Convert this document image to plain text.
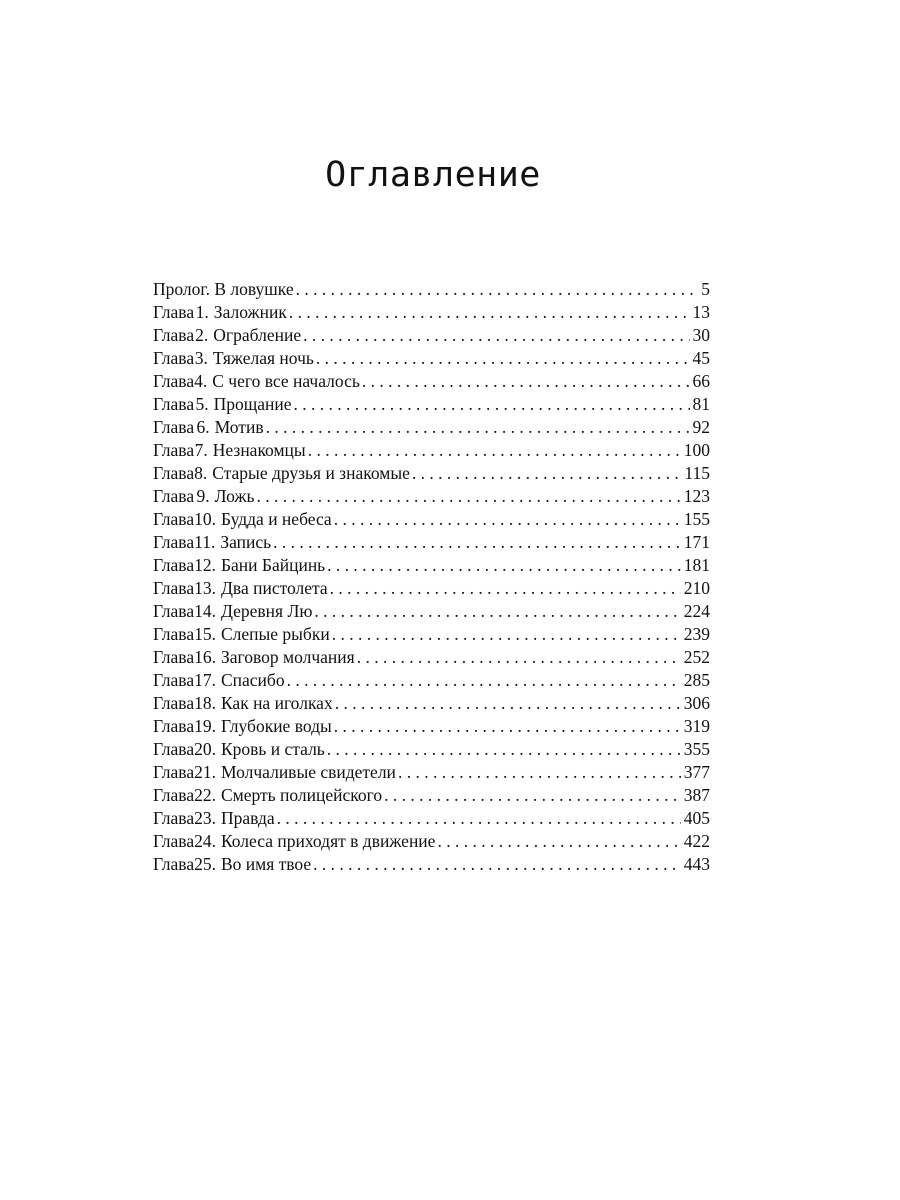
Оглавление
Пролог. В ловушке . . .	5
Глава 1. Заложник . . .	13
Глава 2. Ограбление . . .	30
Глава 3. Тяжелая ночь . . .	45
Глава 4. С чего все началось . . .	66
Глава 5. Прощание . . .	81
Глава 6. Мотив . . .	92
Глава 7. Незнакомцы . . .	100
Глава 8. Старые друзья и знакомые . . .	115
Глава 9. Ложь . . .	123
Глава 10. Будда и небеса . . .	155
Глава 11. Запись . . .	171
Глава 12. Бани Байцинь . . .	181
Глава 13. Два пистолета . . .	210
Глава 14. Деревня Лю . . .	224
Глава 15. Слепые рыбки . . .	239
Глава 16. Заговор молчания . . .	252
Глава 17. Спасибо . . .	285
Глава 18. Как на иголках . . .	306
Глава 19. Глубокие воды . . .	319
Глава 20. Кровь и сталь . . .	355
Глава 21. Молчаливые свидетели . . .	377
Глава 22. Смерть полицейского . . .	387
Глава 23. Правда . . .	405
Глава 24. Колеса приходят в движение . . .	422
Глава 25. Во имя твое . . .	443
